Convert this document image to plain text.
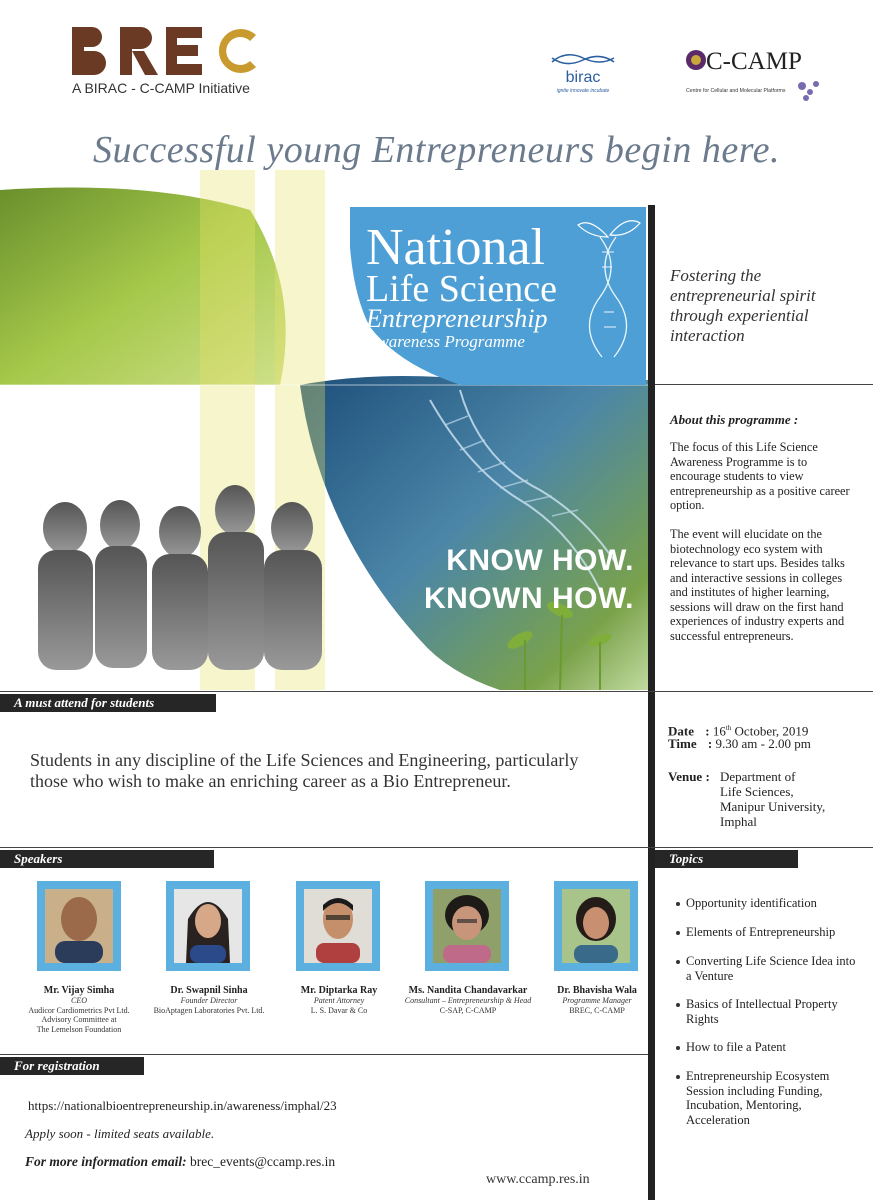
A BIRAC - C-CAMP Initiative
birac
ignite innovate incubate
C-CAMP
Centre for Cellular and Molecular Platforms
Successful young Entrepreneurs begin here.
National
Life Science
Entrepreneurship
Awareness Programme
KNOW HOW.
KNOWN HOW.
Fostering the entrepreneurial spirit through experiential interaction
About this programme :
The focus of this Life Science Awareness Programme is to encourage students to view entrepreneurship as a positive career option.
The event will elucidate on the biotechnology eco system with relevance to start ups. Besides talks and interactive sessions in colleges and institutes of higher learning, sessions will draw on the first hand experiences of industry experts and successful entrepreneurs.
A must attend for students
Students in any discipline of the Life Sciences and Engineering, particularly those who wish to make an enriching career as a Bio Entrepreneur.
Date : 16th October, 2019
Time : 9.30 am - 2.00 pm
Venue : Department of
Life Sciences,
Manipur University,
Imphal
Speakers
Mr. Vijay Simha
CEO
Audicor Cardiometrics Pvt Ltd.
Advisory Committee at
The Lemelson Foundation
Dr. Swapnil Sinha
Founder Director
BioAptagen Laboratories Pvt. Ltd.
Mr. Diptarka Ray
Patent Attorney
L. S. Davar & Co
Ms. Nandita Chandavarkar
Consultant – Entrepreneurship & Head
C-SAP, C-CAMP
Dr. Bhavisha Wala
Programme Manager
BREC, C-CAMP
Topics
Opportunity identification
Elements of Entrepreneurship
Converting Life Science Idea into a Venture
Basics of Intellectual Property Rights
How to file a Patent
Entrepreneurship Ecosystem Session including Funding, Incubation, Mentoring, Acceleration
For registration
https://nationalbioentrepreneurship.in/awareness/imphal/23
Apply soon - limited seats available.
For more information email: brec_events@ccamp.res.in
www.ccamp.res.in
